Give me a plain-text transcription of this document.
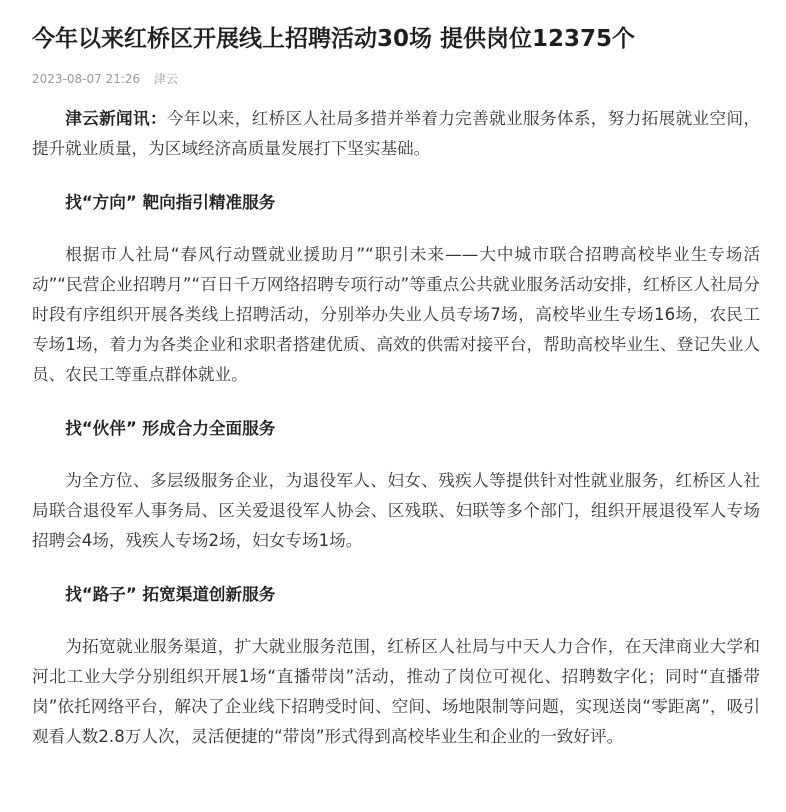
今年以来红桥区开展线上招聘活动30场 提供岗位12375个
2023-08-07 21:26 津云

津云新闻讯：今年以来，红桥区人社局多措并举着力完善就业服务体系，努力拓展就业空间，提升就业质量，为区域经济高质量发展打下坚实基础。

找“方向” 靶向指引精准服务

根据市人社局“春风行动暨就业援助月”“职引未来——大中城市联合招聘高校毕业生专场活动”“民营企业招聘月”“百日千万网络招聘专项行动”等重点公共就业服务活动安排，红桥区人社局分时段有序组织开展各类线上招聘活动，分别举办失业人员专场7场，高校毕业生专场16场，农民工专场1场，着力为各类企业和求职者搭建优质、高效的供需对接平台，帮助高校毕业生、登记失业人员、农民工等重点群体就业。

找“伙伴” 形成合力全面服务

为全方位、多层级服务企业，为退役军人、妇女、残疾人等提供针对性就业服务，红桥区人社局联合退役军人事务局、区关爱退役军人协会、区残联、妇联等多个部门，组织开展退役军人专场招聘会4场，残疾人专场2场，妇女专场1场。

找“路子” 拓宽渠道创新服务

为拓宽就业服务渠道，扩大就业服务范围，红桥区人社局与中天人力合作，在天津商业大学和河北工业大学分别组织开展1场“直播带岗”活动，推动了岗位可视化、招聘数字化；同时“直播带岗”依托网络平台，解决了企业线下招聘受时间、空间、场地限制等问题，实现送岗“零距离”，吸引观看人数2.8万人次，灵活便捷的“带岗”形式得到高校毕业生和企业的一致好评。
